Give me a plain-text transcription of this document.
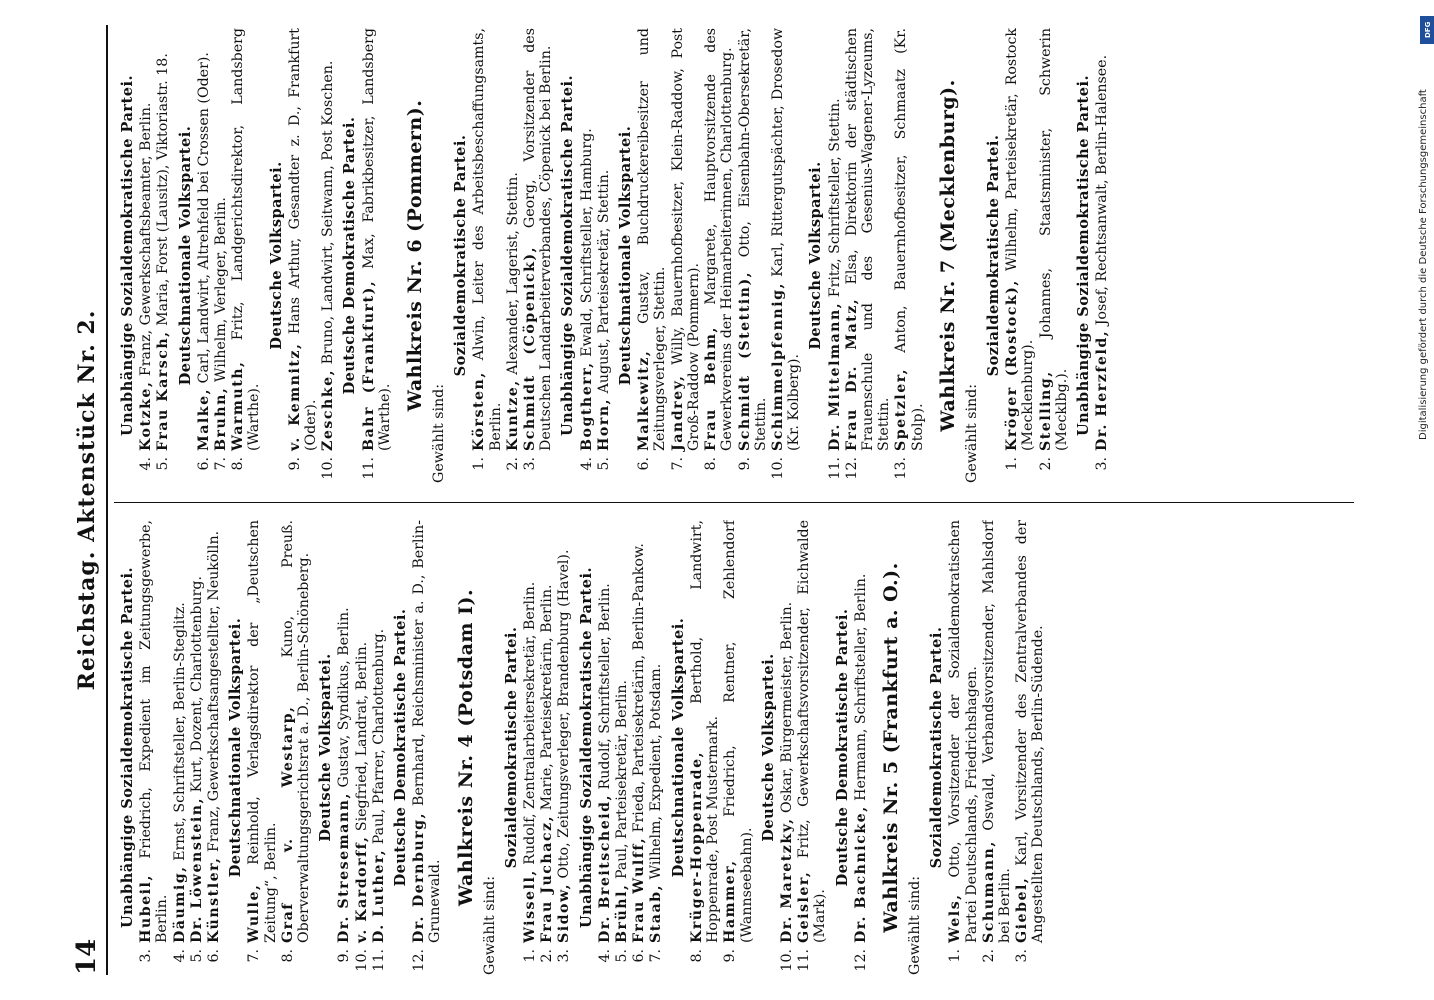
14
Reichstag. Aktenstück Nr. 2.
Unabhängige Sozialdemokratische Partei.
3.
Hubeil, Friedrich, Expedient im Zeitungsgewerbe, Berlin.
4.
Däumig, Ernst, Schriftsteller, Berlin-Steglitz.
5.
Dr. Löwenstein, Kurt, Dozent, Charlottenburg.
6.
Künstler, Franz, Gewerkschaftsangestellter, Neukölln. Deutschnationale Volkspartei.
7.
Wulle, Reinhold, Verlagsdirektor der „Deutschen Zeitung“, Berlin.
8.
Graf v. Westarp, Kuno, Preuß. Oberverwaltungsgerichtsrat a. D., Berlin-Schöneberg. Deutsche Volkspartei.
9.
Dr. Stresemann, Gustav, Syndikus, Berlin.
10.
v. Kardorff, Siegfried, Landrat, Berlin.
11.
D. Luther, Paul, Pfarrer, Charlottenburg. Deutsche Demokratische Partei.
12.
Dr. Dernburg, Bernhard, Reichsminister a. D., Berlin-Grunewald. Wahlkreis Nr. 4 (Potsdam I).
Gewählt sind:
Sozialdemokratische Partei.
1.
Wissell, Rudolf, Zentralarbeitersekretär, Berlin.
2.
Frau Juchacz, Marie, Parteisekretärin, Berlin.
3.
Sidow, Otto, Zeitungsverleger, Brandenburg (Havel). Unabhängige Sozialdemokratische Partei.
4.
Dr. Breitscheid, Rudolf, Schriftsteller, Berlin.
5.
Brühl, Paul, Parteisekretär, Berlin.
6.
Frau Wulff, Frieda, Parteisekretärin, Berlin-Pankow.
7.
Staab, Wilhelm, Expedient, Potsdam. Deutschnationale Volkspartei.
8.
Krüger-Hoppenrade, Berthold, Landwirt, Hoppenrade, Post Mustermark.
9.
Hammer, Friedrich, Rentner, Zehlendorf (Wannseebahn).
Deutsche Volkspartei.
10.
Dr. Maretzky, Oskar, Bürgermeister, Berlin.
11.
Geisler, Fritz, Gewerkschaftsvorsitzender, Eichwalde (Mark).
Deutsche Demokratische Partei.
12.
Dr. Bachnicke, Hermann, Schriftsteller, Berlin. Wahlkreis Nr. 5 (Frankfurt a. O.). Gewählt sind:
Sozialdemokratische Partei.
1.
Wels, Otto, Vorsitzender der Sozialdemokratischen Partei Deutschlands, Friedrichshagen.
2.
Schumann, Oswald, Verbandsvorsitzender, Mahlsdorf bei Berlin.
3.
Giebel, Karl, Vorsitzender des Zentralverbandes der Angestellten Deutschlands, Berlin-Südende.
Unabhängige Sozialdemokratische Partei.
4.
Kotzke, Franz, Gewerkschaftsbeamter, Berlin.
5.
Frau Karsch, Maria, Forst (Lausitz), Viktoriastr. 18. Deutschnationale Volkspartei.
6.
Malke, Carl, Landwirt, Altrehfeld bei Crossen (Oder).
7.
Bruhn, Wilhelm, Verleger, Berlin.
8.
Warmuth, Fritz, Landgerichtsdirektor, Landsberg (Warthe).
Deutsche Volkspartei.
9.
v. Kemnitz, Hans Arthur, Gesandter z. D., Frankfurt (Oder).
10.
Zeschke, Bruno, Landwirt, Seitwann, Post Koschen. Deutsche Demokratische Partei.
11.
Bahr (Frankfurt), Max, Fabrikbesitzer, Landsberg (Warthe).
Wahlkreis Nr. 6 (Pommern).
Gewählt sind:
Sozialdemokratische Partei.
1.
Körsten, Alwin, Leiter des Arbeitsbeschaffungsamts, Berlin.
2.
Kuntze, Alexander, Lagerist, Stettin.
3.
Schmidt (Cöpenick), Georg, Vorsitzender des Deutschen Landarbeiterverbandes, Cöpenick bei Berlin. Unabhängige Sozialdemokratische Partei.
4.
Bogtherr, Ewald, Schriftsteller, Hamburg.
5.
Horn, August, Parteisekretär, Stettin. Deutschnationale Volkspartei.
6.
Malkewitz, Gustav, Buchdruckereibesitzer und Zeitungsverleger, Stettin.
7.
Jandrey, Willy, Bauernhofbesitzer, Klein-Raddow, Post Groß-Raddow (Pommern).
8.
Frau Behm, Margarete, Hauptvorsitzende des Gewerkvereins der Heimarbeiterinnen, Charlottenburg.
9.
Schmidt (Stettin), Otto, Eisenbahn-Obersekretär, Stettin.
10.
Schimmelpfennig, Karl, Rittergutspächter, Drosedow (Kr. Kolberg).
Deutsche Volkspartei.
11.
Dr. Mittelmann, Fritz, Schriftsteller, Stettin.
12.
Frau Dr. Matz, Elsa, Direktorin der städtischen Frauenschule und des Gesenius-Wagener-Lyzeums, Stettin.
13.
Spetzler, Anton, Bauernhofbesitzer, Schmaatz (Kr. Stolp). Wahlkreis Nr. 7 (Mecklenburg).
Gewählt sind:
Sozialdemokratische Partei.
1.
Kröger (Rostock), Wilhelm, Parteisekretär, Rostock (Mecklenburg).
2.
Stelling, Johannes, Staatsminister, Schwerin (Mecklbg.). Unabhängige Sozialdemokratische Partei.
3.
Dr. Herzfeld, Josef, Rechtsanwalt, Berlin-Halensee.
DFG
Digitalisierung gefördert durch die Deutsche Forschungsgemeinschaft
